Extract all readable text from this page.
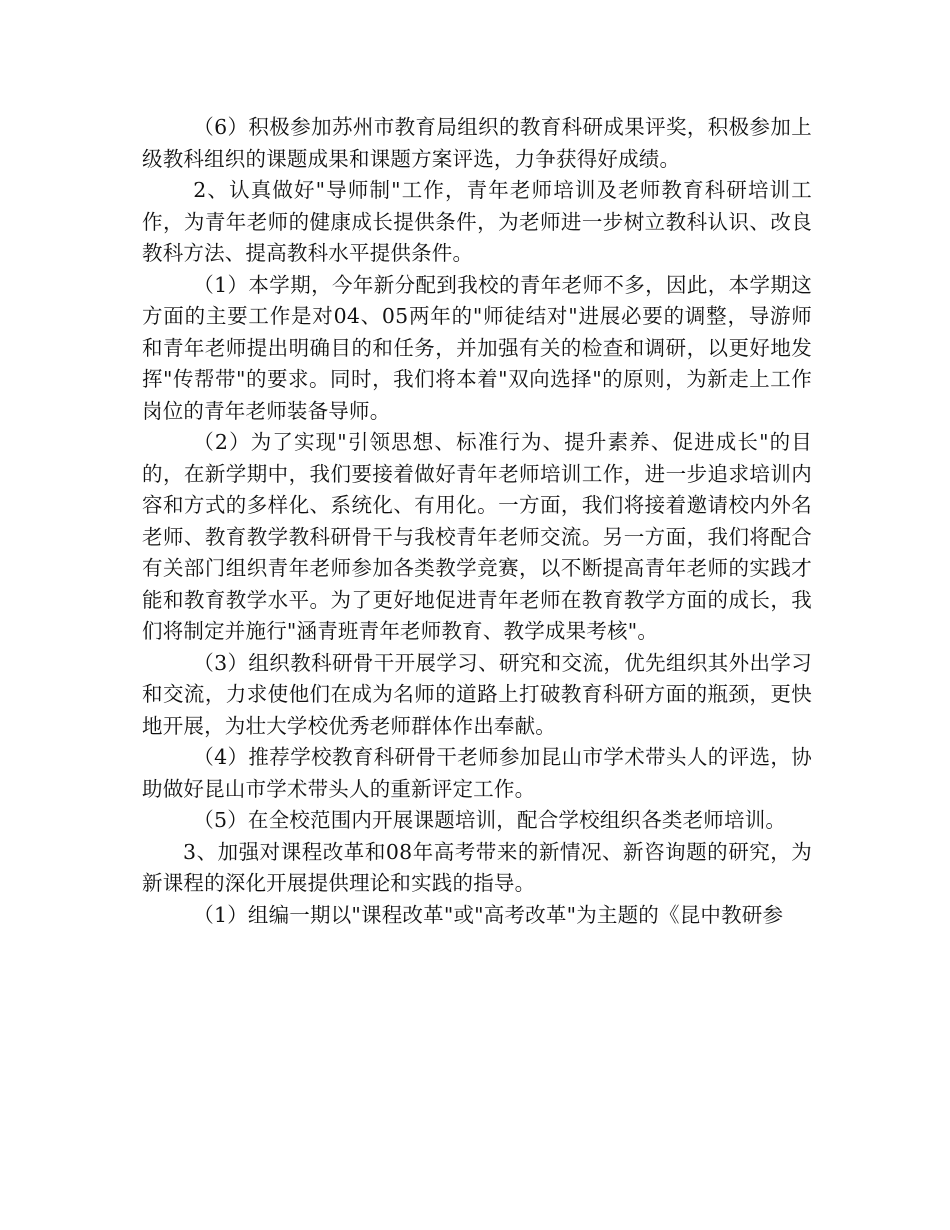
（6）积极参加苏州市教育局组织的教育科研成果评奖，积极参加上级教科组织的课题成果和课题方案评选，力争获得好成绩。

2、认真做好"导师制"工作，青年老师培训及老师教育科研培训工作，为青年老师的健康成长提供条件，为老师进一步树立教科认识、改良教科方法、提高教科水平提供条件。

（1）本学期，今年新分配到我校的青年老师不多，因此，本学期这方面的主要工作是对04、05两年的"师徒结对"进展必要的调整，导游师和青年老师提出明确目的和任务，并加强有关的检查和调研，以更好地发挥"传帮带"的要求。同时，我们将本着"双向选择"的原则，为新走上工作岗位的青年老师装备导师。

（2）为了实现"引领思想、标准行为、提升素养、促进成长"的目的，在新学期中，我们要接着做好青年老师培训工作，进一步追求培训内容和方式的多样化、系统化、有用化。一方面，我们将接着邀请校内外名老师、教育教学教科研骨干与我校青年老师交流。另一方面，我们将配合有关部门组织青年老师参加各类教学竞赛，以不断提高青年老师的实践才能和教育教学水平。为了更好地促进青年老师在教育教学方面的成长，我们将制定并施行"涵青班青年老师教育、教学成果考核"。

（3）组织教科研骨干开展学习、研究和交流，优先组织其外出学习和交流，力求使他们在成为名师的道路上打破教育科研方面的瓶颈，更快地开展，为壮大学校优秀老师群体作出奉献。

（4）推荐学校教育科研骨干老师参加昆山市学术带头人的评选，协助做好昆山市学术带头人的重新评定工作。

（5）在全校范围内开展课题培训，配合学校组织各类老师培训。

3、加强对课程改革和08年高考带来的新情况、新咨询题的研究，为新课程的深化开展提供理论和实践的指导。

（1）组编一期以"课程改革"或"高考改革"为主题的《昆中教研参
